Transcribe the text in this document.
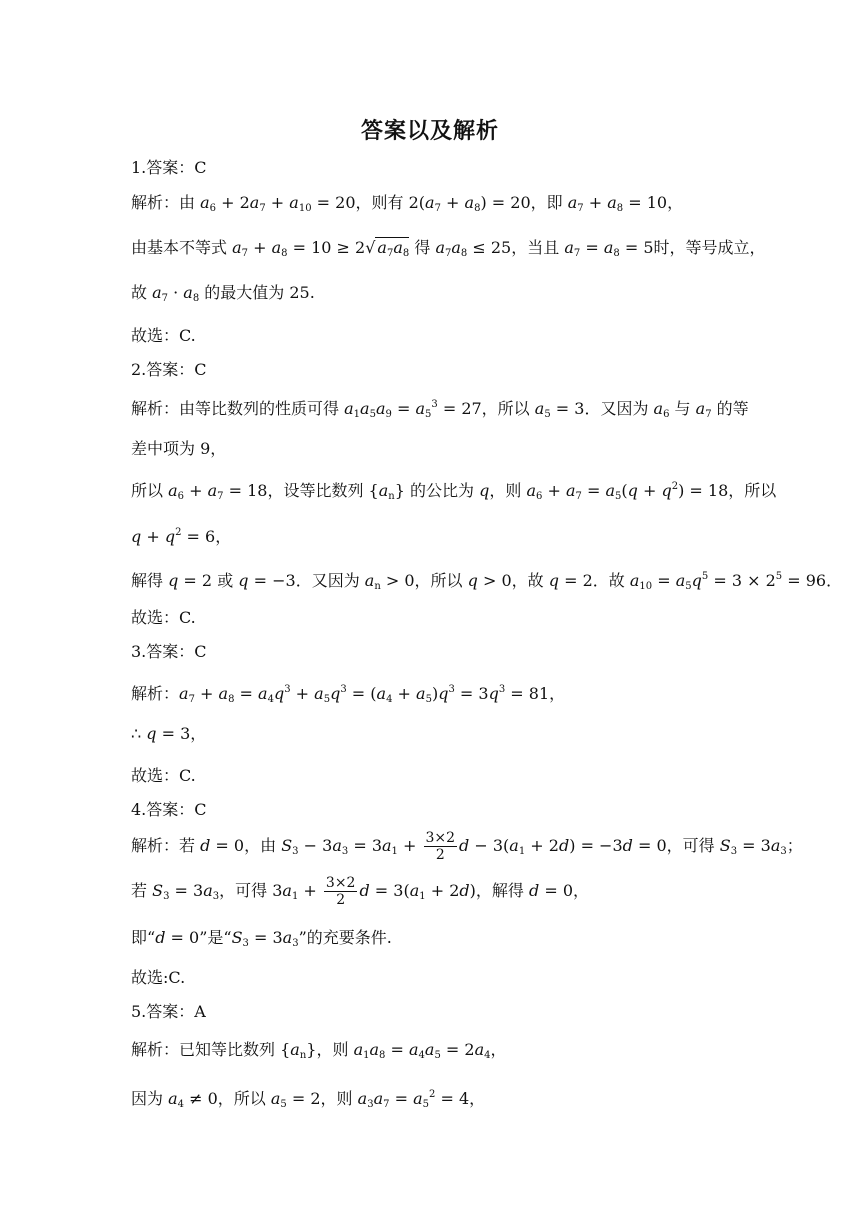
答案以及解析
1.答案：C
解析：由 $a_6 + 2a_7 + a_{10} = 20$，则有 $2(a_7 + a_8) = 20$，即 $a_7 + a_8 = 10$，
由基本不等式 $a_7 + a_8 = 10 \ge 2√$ $a_7a_8$ 得 $a_7a_8 \le 25$，当且 $a_7 = a_8 = 5$时，等号成立，
故 $a_7 \cdot a_8$ 的最大值为 25.
故选：C.
2.答案：C
解析：由等比数列的性质可得 $a_1a_5a_9 = a_5^3 = 27$，所以 $a_5 = 3$．又因为 $a_6$ 与 $a_7$ 的等
差中项为 9，
所以 $a_6 + a_7 = 18$，设等比数列 $\{a_n\}$ 的公比为 q，则 $a_6 + a_7 = a_5(q + q^2) = 18$，所以
$q + q^2 = 6$，
解得 q = 2 或 q = −3．又因为 $a_n > 0$，所以 q > 0，故 q = 2．故 $a_{10} = a_5q^5 = 3 \times 2^5 = 96$．
故选：C.
3.答案：C
解析：$a_7 + a_8 = a_4q^3 + a_5q^3 = (a_4 + a_5)q^3 = 3q^3 = 81$，
∴ q = 3，
故选：C.
4.答案：C
解析：若 d = 0，由 $S_3 - 3a_3 = 3a_1 + \frac{3\times 2}{2}$ $d - 3(a_1 + 2d) = -3d = 0$，可得 $S_3 = 3a_3$；
若 $S_3 = 3a_3$，可得 $3a_1 + \frac{3\times 2}{2}$ $d = 3(a_1 + 2d)$，解得 d = 0，
即“d = 0”是“$S_3 = 3a_3$”的充要条件.
故选:C.
5.答案：A
解析：已知等比数列 $\{a_n\}$，则 $a_1a_8 = a_4a_5 = 2a_4$，
因为 $a_4 \ne 0$，所以 $a_5 = 2$，则 $a_3a_7 = a_5^2 = 4$，
